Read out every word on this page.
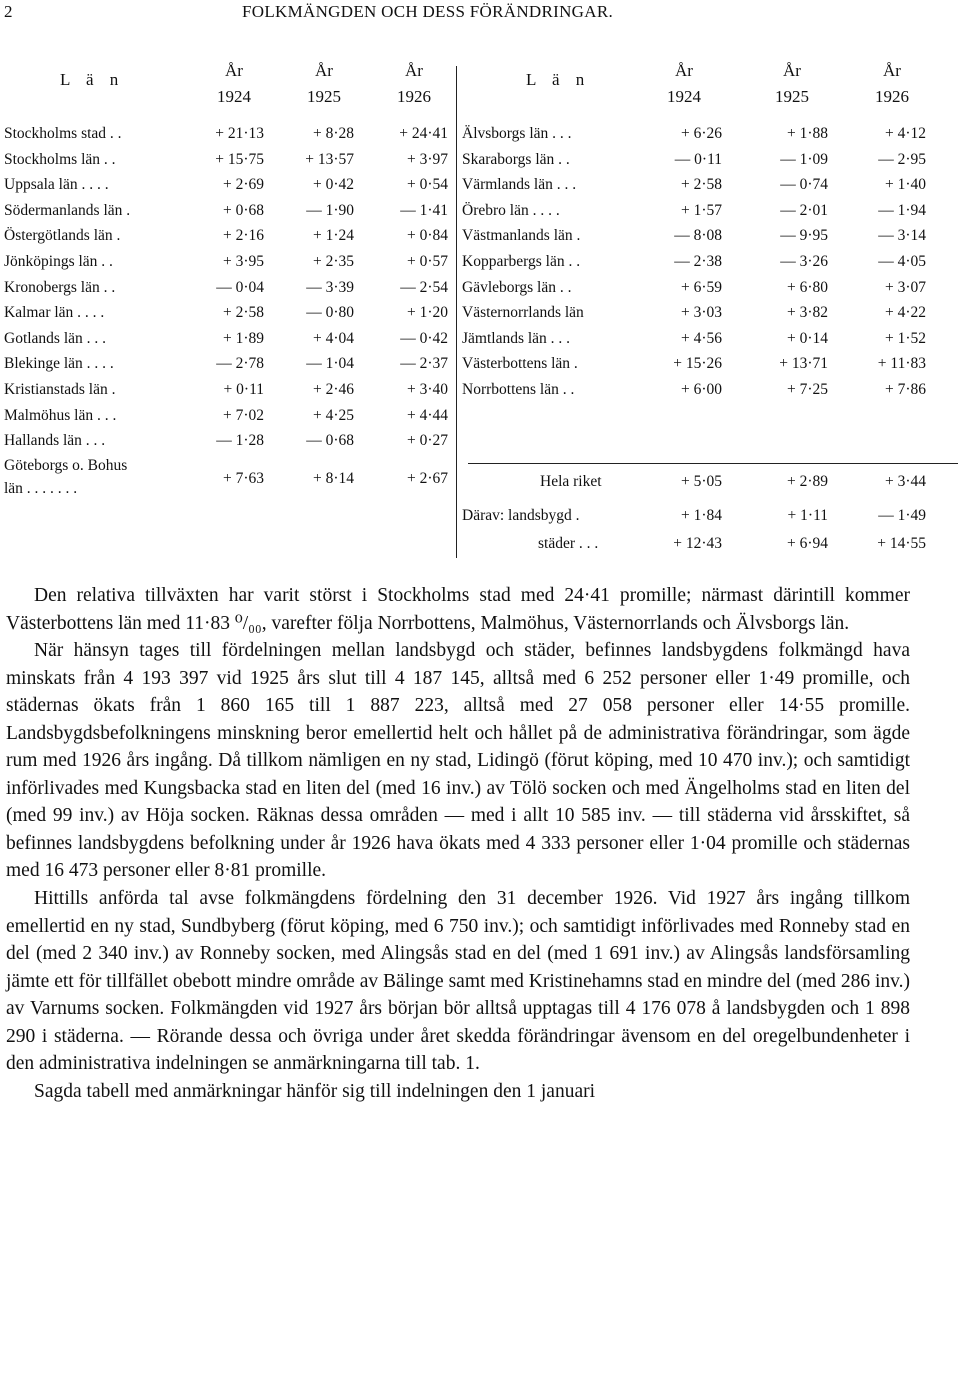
2	FOLKMÄNGDEN OCH DESS FÖRÄNDRINGAR.
L ä n	År
1924
År
1925
År
1926
Stockholms stad . .	+ 21·13	+ 8·28	+ 24·41
Stockholms län . .	+ 15·75	+ 13·57	+ 3·97
Uppsala län . . . .	+ 2·69	+ 0·42	+ 0·54
Södermanlands län .	+ 0·68	— 1·90	— 1·41
Östergötlands län .	+ 2·16	+ 1·24	+ 0·84
Jönköpings län . .	+ 3·95	+ 2·35	+ 0·57
Kronobergs län . .	— 0·04	— 3·39	— 2·54
Kalmar län . . . .	+ 2·58	— 0·80	+ 1·20
Gotlands län . . .	+ 1·89	+ 4·04	— 0·42
Blekinge län . . . .	— 2·78	— 1·04	— 2·37
Kristianstads län .	+ 0·11	+ 2·46	+ 3·40
Malmöhus län . . .	+ 7·02	+ 4·25	+ 4·44
Hallands län . . .	— 1·28	— 0·68	+ 0·27
Göteborgs o. Bohus
län . . . . . . .
+ 7·63	+ 8·14	+ 2·67
L ä n	År
1924
År
1925
År
1926
Älvsborgs län . . .	+ 6·26	+ 1·88	+ 4·12
Skaraborgs län . .	— 0·11	— 1·09	— 2·95
Värmlands län . . .	+ 2·58	— 0·74	+ 1·40
Örebro län . . . .	+ 1·57	— 2·01	— 1·94
Västmanlands län .	— 8·08	— 9·95	— 3·14
Kopparbergs län . .	— 2·38	— 3·26	— 4·05
Gävleborgs län . .	+ 6·59	+ 6·80	+ 3·07
Västernorrlands län	+ 3·03	+ 3·82	+ 4·22
Jämtlands län . . .	+ 4·56	+ 0·14	+ 1·52
Västerbottens län .	+ 15·26	+ 13·71	+ 11·83
Norrbottens län . .	+ 6·00	+ 7·25	+ 7·86
Hela riket	+ 5·05	+ 2·89	+ 3·44
Därav: landsbygd .	+ 1·84	+ 1·11	— 1·49
städer . . .	+ 12·43	+ 6·94	+ 14·55

Den relativa tillväxten har varit störst i Stockholms stad med 24·41 promille; närmast därintill kommer Västerbottens län med 11·83 ⁰/₀₀, varefter följa Norrbottens, Malmöhus, Västernorrlands och Älvsborgs län.

När hänsyn tages till fördelningen mellan landsbygd och städer, befinnes landsbygdens folkmängd hava minskats från 4 193 397 vid 1925 års slut till 4 187 145, alltså med 6 252 personer eller 1·49 promille, och städernas ökats från 1 860 165 till 1 887 223, alltså med 27 058 personer eller 14·55 promille. Landsbygdsbefolkningens minskning beror emellertid helt och hållet på de administrativa förändringar, som ägde rum med 1926 års ingång. Då tillkom nämligen en ny stad, Lidingö (förut köping, med 10 470 inv.); och samtidigt införlivades med Kungsbacka stad en liten del (med 16 inv.) av Tölö socken och med Ängelholms stad en liten del (med 99 inv.) av Höja socken. Räknas dessa områden — med i allt 10 585 inv. — till städerna vid årsskiftet, så befinnes landsbygdens befolkning under år 1926 hava ökats med 4 333 personer eller 1·04 promille och städernas med 16 473 personer eller 8·81 promille.

Hittills anförda tal avse folkmängdens fördelning den 31 december 1926. Vid 1927 års ingång tillkom emellertid en ny stad, Sundbyberg (förut köping, med 6 750 inv.); och samtidigt införlivades med Ronneby stad en del (med 2 340 inv.) av Ronneby socken, med Alingsås stad en del (med 1 691 inv.) av Alingsås landsförsamling jämte ett för tillfället obebott mindre område av Bälinge samt med Kristinehamns stad en mindre del (med 286 inv.) av Varnums socken. Folkmängden vid 1927 års början bör alltså upptagas till 4 176 078 å landsbygden och 1 898 290 i städerna. — Rörande dessa och övriga under året skedda förändringar ävensom en del oregelbundenheter i den administrativa indelningen se anmärkningarna till tab. 1.

Sagda tabell med anmärkningar hänför sig till indelningen den 1 januari
